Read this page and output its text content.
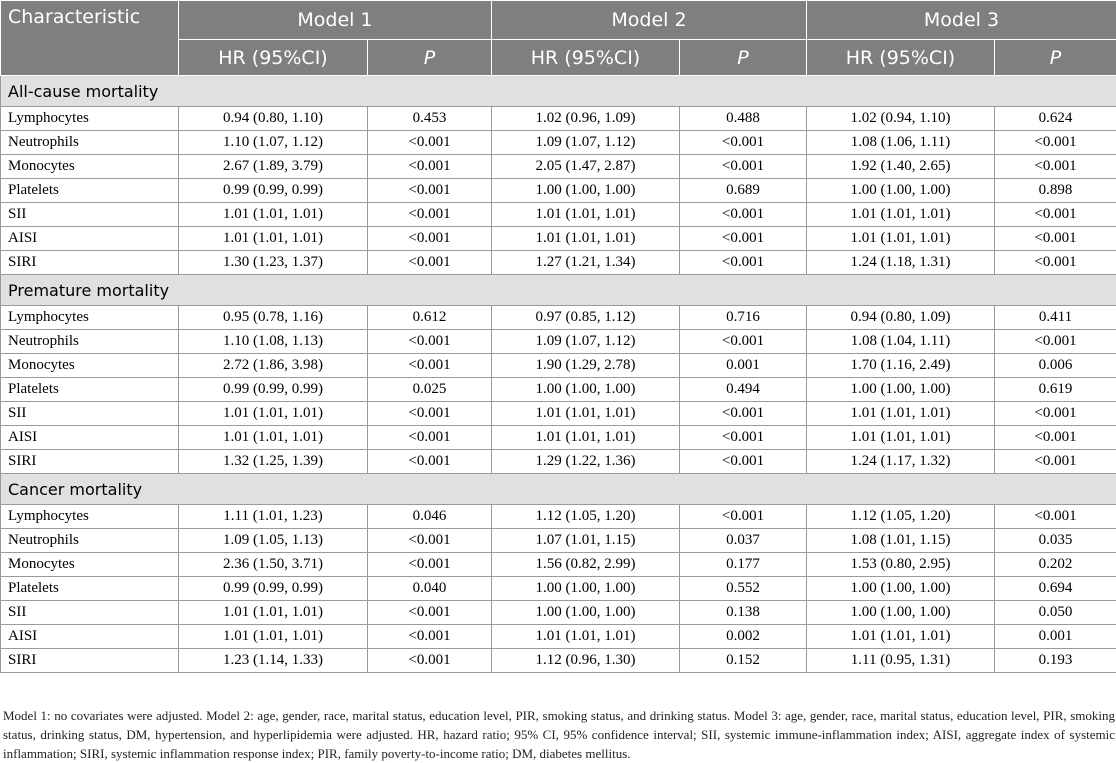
Characteristic	Model 1		Model 2		Model 3	
	HR (95%CI)	P	HR (95%CI)	P	HR (95%CI)	P
All-cause mortality						
Lymphocytes	0.94 (0.80, 1.10)	0.453	1.02 (0.96, 1.09)	0.488	1.02 (0.94, 1.10)	0.624
Neutrophils	1.10 (1.07, 1.12)	<0.001	1.09 (1.07, 1.12)	<0.001	1.08 (1.06, 1.11)	<0.001
Monocytes	2.67 (1.89, 3.79)	<0.001	2.05 (1.47, 2.87)	<0.001	1.92 (1.40, 2.65)	<0.001
Platelets	0.99 (0.99, 0.99)	<0.001	1.00 (1.00, 1.00)	0.689	1.00 (1.00, 1.00)	0.898
SII	1.01 (1.01, 1.01)	<0.001	1.01 (1.01, 1.01)	<0.001	1.01 (1.01, 1.01)	<0.001
AISI	1.01 (1.01, 1.01)	<0.001	1.01 (1.01, 1.01)	<0.001	1.01 (1.01, 1.01)	<0.001
SIRI	1.30 (1.23, 1.37)	<0.001	1.27 (1.21, 1.34)	<0.001	1.24 (1.18, 1.31)	<0.001
Premature mortality						
Lymphocytes	0.95 (0.78, 1.16)	0.612	0.97 (0.85, 1.12)	0.716	0.94 (0.80, 1.09)	0.411
Neutrophils	1.10 (1.08, 1.13)	<0.001	1.09 (1.07, 1.12)	<0.001	1.08 (1.04, 1.11)	<0.001
Monocytes	2.72 (1.86, 3.98)	<0.001	1.90 (1.29, 2.78)	0.001	1.70 (1.16, 2.49)	0.006
Platelets	0.99 (0.99, 0.99)	0.025	1.00 (1.00, 1.00)	0.494	1.00 (1.00, 1.00)	0.619
SII	1.01 (1.01, 1.01)	<0.001	1.01 (1.01, 1.01)	<0.001	1.01 (1.01, 1.01)	<0.001
AISI	1.01 (1.01, 1.01)	<0.001	1.01 (1.01, 1.01)	<0.001	1.01 (1.01, 1.01)	<0.001
SIRI	1.32 (1.25, 1.39)	<0.001	1.29 (1.22, 1.36)	<0.001	1.24 (1.17, 1.32)	<0.001
Cancer mortality						
Lymphocytes	1.11 (1.01, 1.23)	0.046	1.12 (1.05, 1.20)	<0.001	1.12 (1.05, 1.20)	<0.001
Neutrophils	1.09 (1.05, 1.13)	<0.001	1.07 (1.01, 1.15)	0.037	1.08 (1.01, 1.15)	0.035
Monocytes	2.36 (1.50, 3.71)	<0.001	1.56 (0.82, 2.99)	0.177	1.53 (0.80, 2.95)	0.202
Platelets	0.99 (0.99, 0.99)	0.040	1.00 (1.00, 1.00)	0.552	1.00 (1.00, 1.00)	0.694
SII	1.01 (1.01, 1.01)	<0.001	1.00 (1.00, 1.00)	0.138	1.00 (1.00, 1.00)	0.050
AISI	1.01 (1.01, 1.01)	<0.001	1.01 (1.01, 1.01)	0.002	1.01 (1.01, 1.01)	0.001
SIRI	1.23 (1.14, 1.33)	<0.001	1.12 (0.96, 1.30)	0.152	1.11 (0.95, 1.31)	0.193

Model 1: no covariates were adjusted. Model 2: age, gender, race, marital status, education level, PIR, smoking status, and drinking status. Model 3: age, gender, race, marital status, education level, PIR, smoking status, drinking status, DM, hypertension, and hyperlipidemia were adjusted. HR, hazard ratio; 95% CI, 95% confidence interval; SII, systemic immune-inflammation index; AISI, aggregate index of systemic inflammation; SIRI, systemic inflammation response index; PIR, family poverty-to-income ratio; DM, diabetes mellitus.
